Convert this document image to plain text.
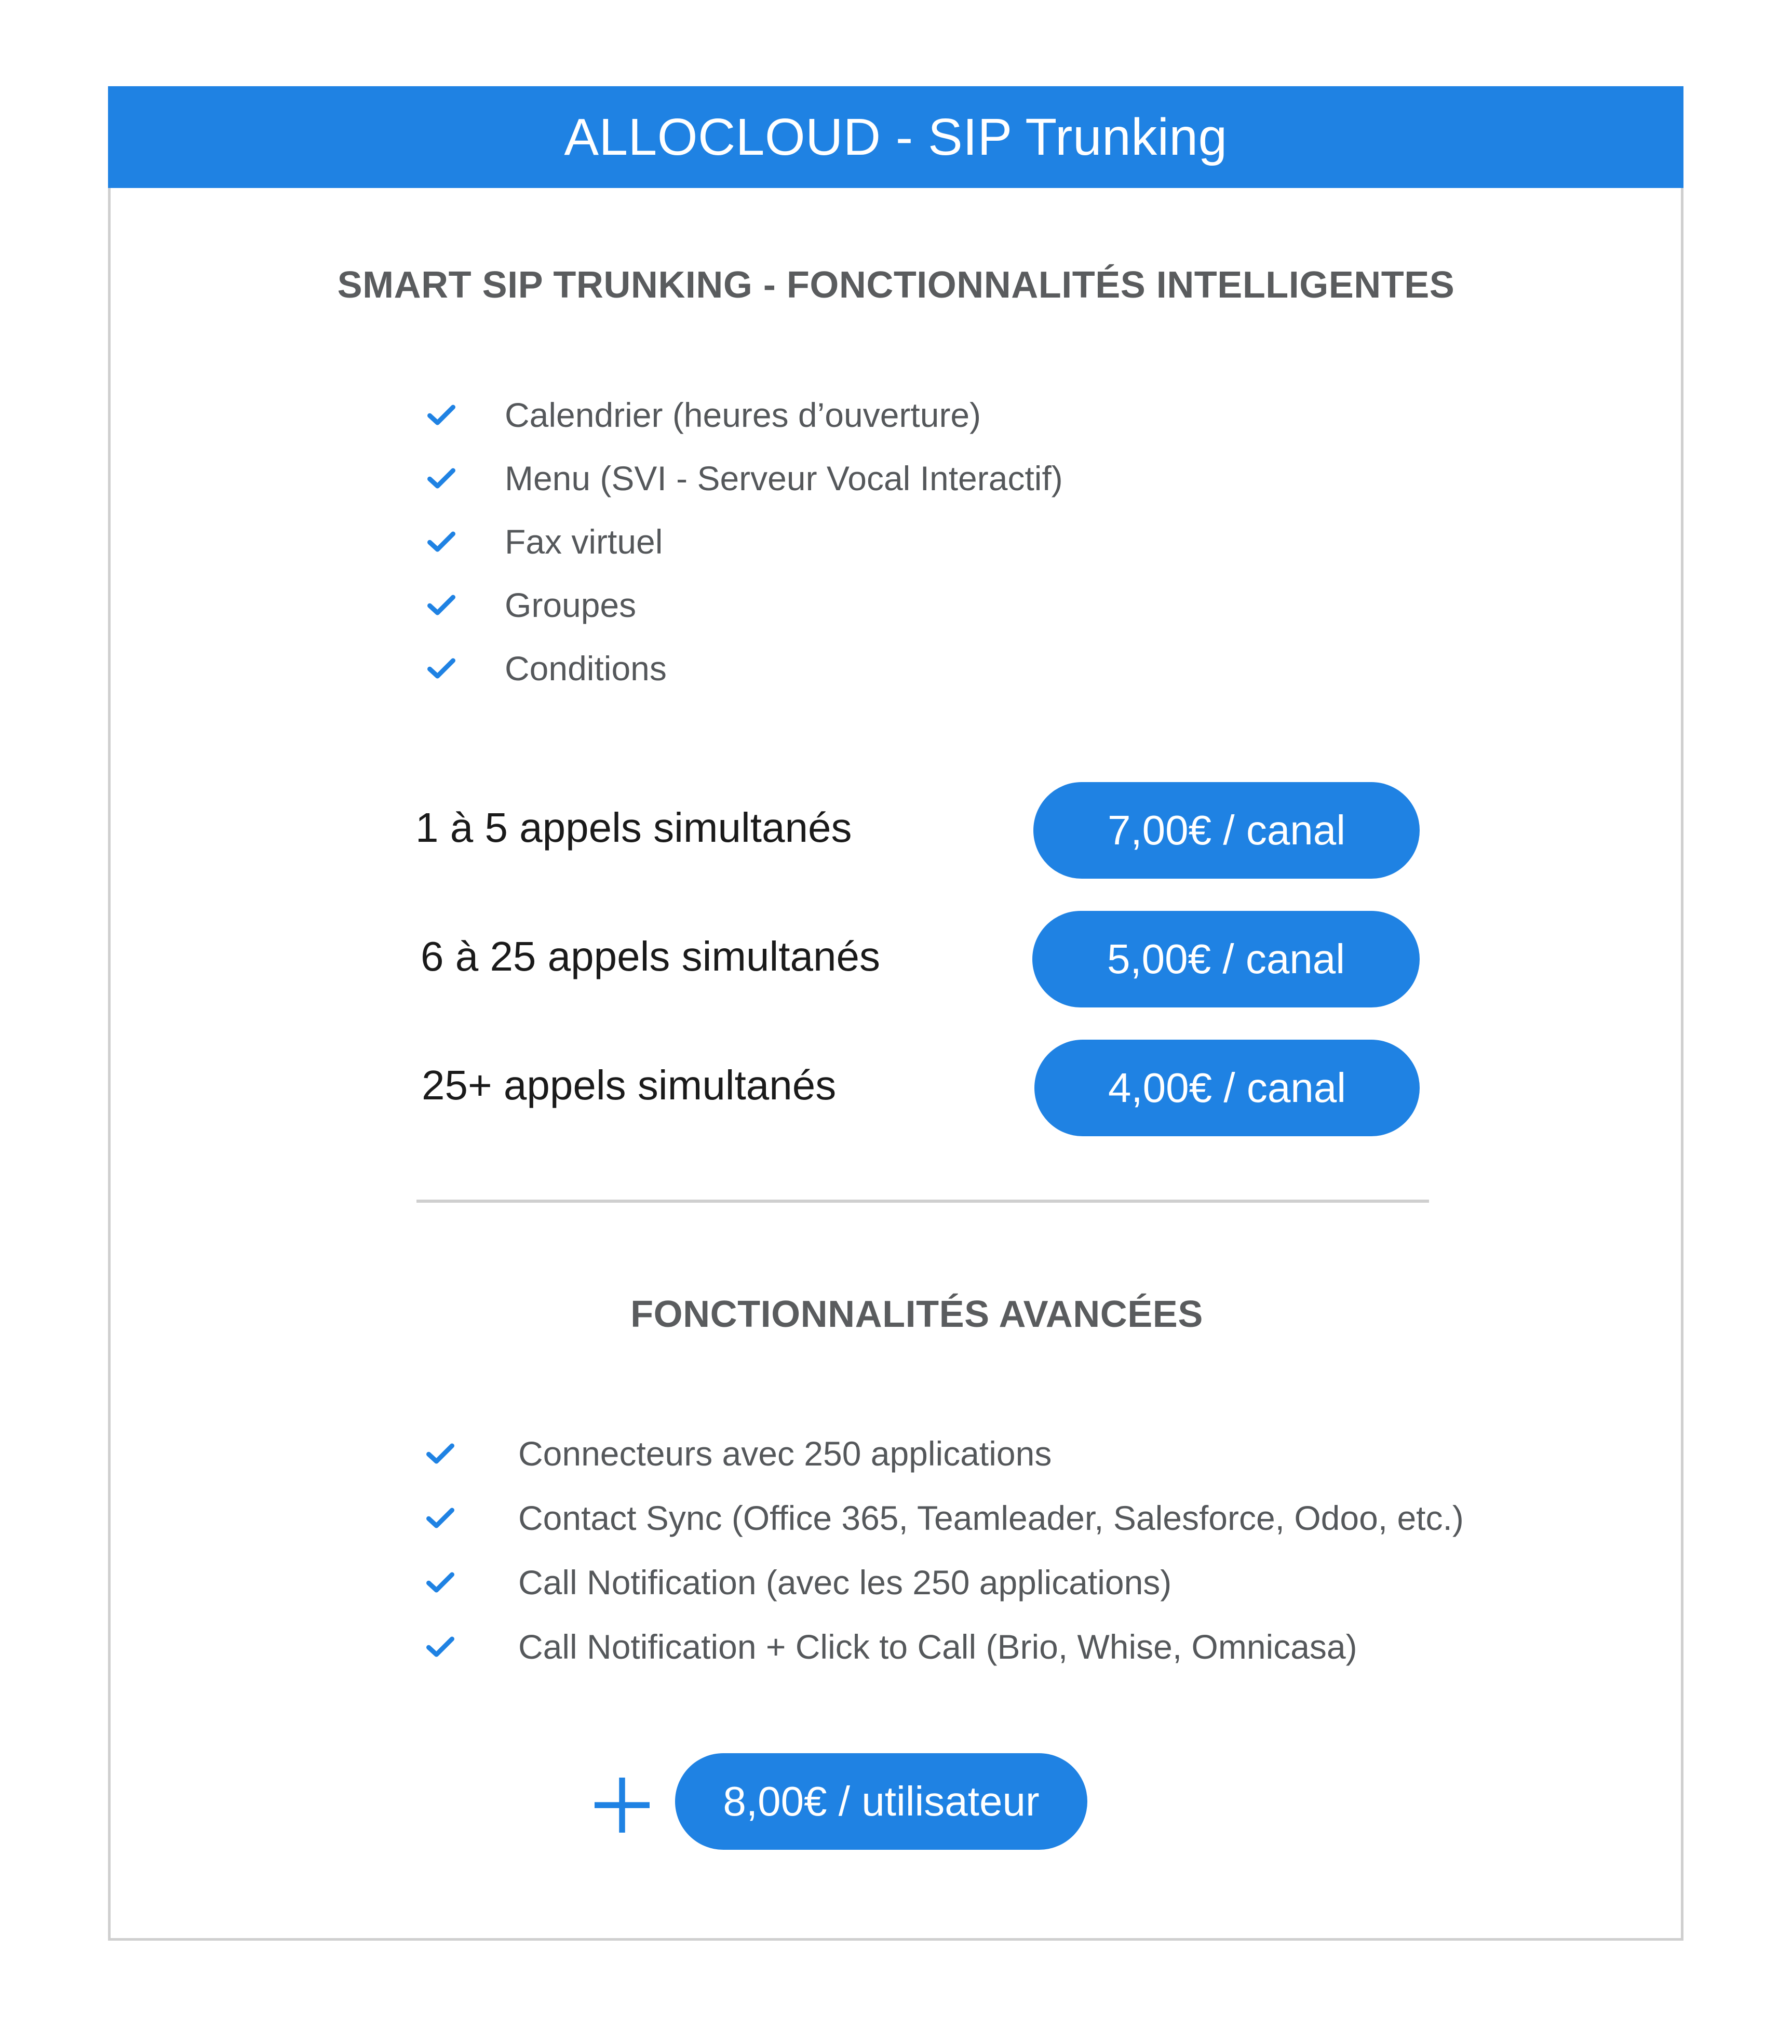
ALLOCLOUD - SIP Trunking
SMART SIP TRUNKING - FONCTIONNALITÉS INTELLIGENTES
Calendrier (heures d’ouverture)
Menu (SVI - Serveur Vocal Interactif)
Fax virtuel
Groupes
Conditions
1 à 5 appels simultanés	7,00€ / canal
6 à 25 appels simultanés	5,00€ / canal
25+ appels simultanés	4,00€ / canal
FONCTIONNALITÉS AVANCÉES
Connecteurs avec 250 applications
Contact Sync (Office 365, Teamleader, Salesforce, Odoo, etc.)
Call Notification (avec les 250 applications)
Call Notification + Click to Call (Brio, Whise, Omnicasa)
8,00€ / utilisateur
